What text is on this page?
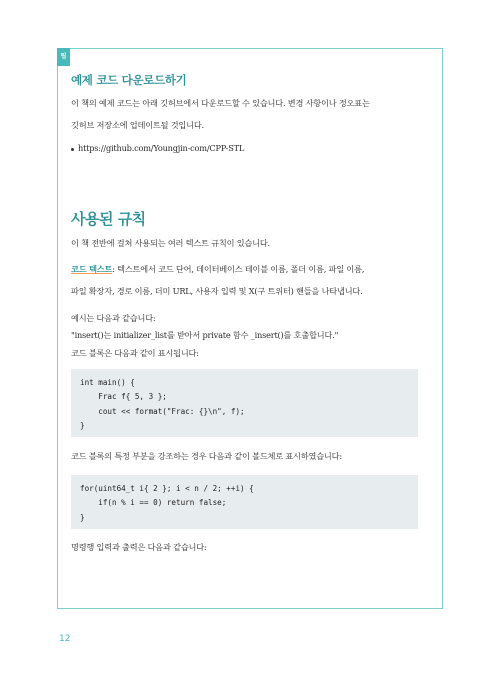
팁
예제 코드 다운로드하기
이 책의 예제 코드는 아래 깃허브에서 다운로드할 수 있습니다. 변경 사항이나 정오표는
깃허브 저장소에 업데이트될 것입니다.
https://github.com/Youngjin-com/CPP-STL
사용된 규칙
이 책 전반에 걸쳐 사용되는 여러 텍스트 규칙이 있습니다.
코드 텍스트: 텍스트에서 코드 단어, 데이터베이스 테이블 이름, 폴더 이름, 파일 이름,
파일 확장자, 경로 이름, 더미 URL, 사용자 입력 및 X(구 트위터) 핸들을 나타냅니다.
예시는 다음과 같습니다:
"insert()는 initializer_list를 받아서 private 함수 _insert()를 호출합니다."
코드 블록은 다음과 같이 표시됩니다:
int main() {
Frac f{ 5, 3 };
cout << format("Frac: {}\n", f);
}
코드 블록의 특정 부분을 강조하는 경우 다음과 같이 볼드체로 표시하였습니다:
for(uint64_t i{ 2 }; i < n / 2; ++i) {
if(n % i == 0) return false;
}
명령행 입력과 출력은 다음과 같습니다:
12
